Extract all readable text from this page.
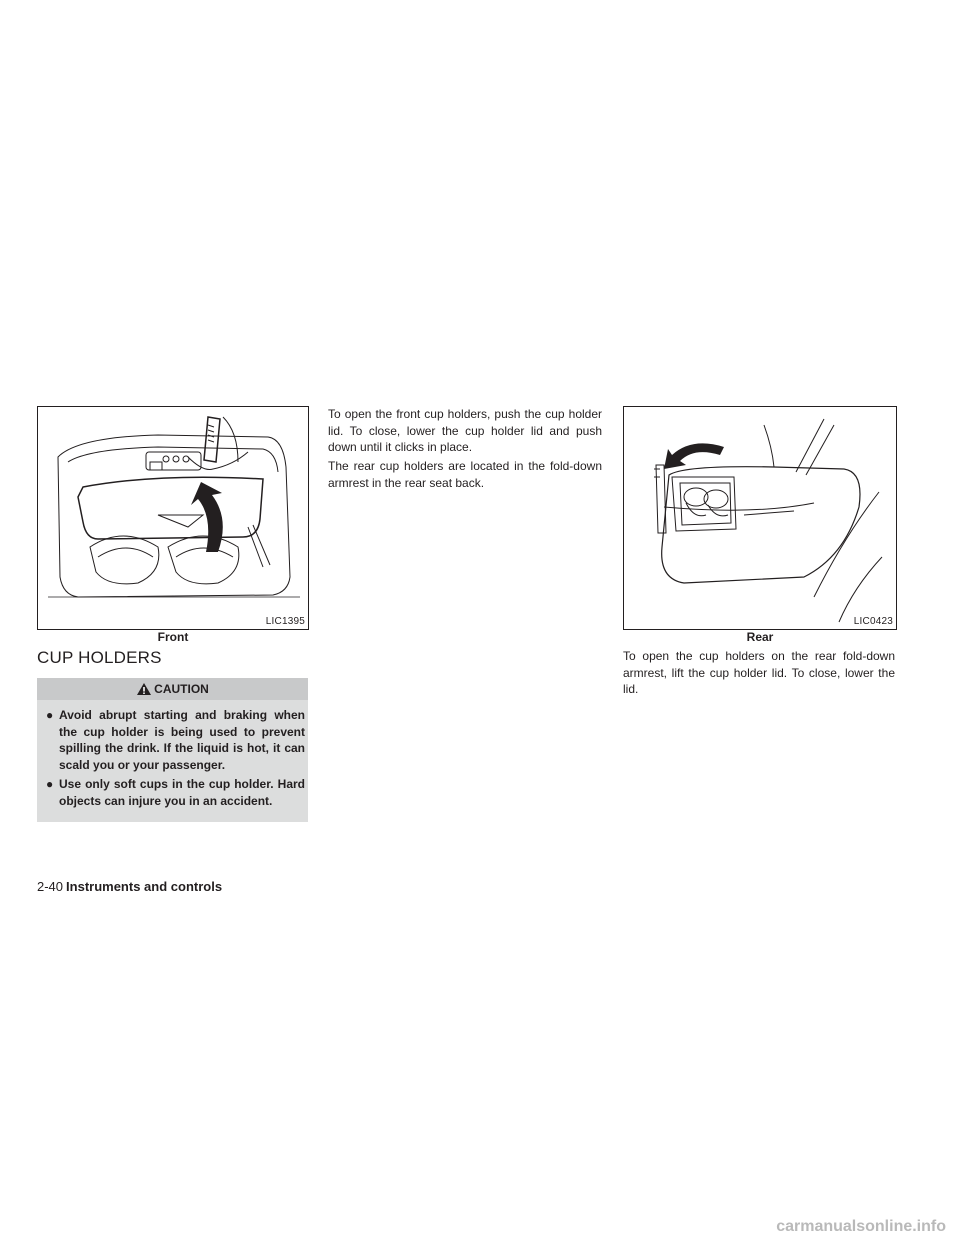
LIC1395
Front
CUP HOLDERS
CAUTION
● Avoid abrupt starting and braking when the cup holder is being used to prevent spilling the drink. If the liquid is hot, it can scald you or your passenger.
● Use only soft cups in the cup holder. Hard objects can injure you in an accident.
To open the front cup holders, push the cup holder lid. To close, lower the cup holder lid and push down until it clicks in place.
The rear cup holders are located in the fold-down armrest in the rear seat back.
LIC0423
Rear
To open the cup holders on the rear fold-down armrest, lift the cup holder lid. To close, lower the lid.
2-40 Instruments and controls
carmanualsonline.info
